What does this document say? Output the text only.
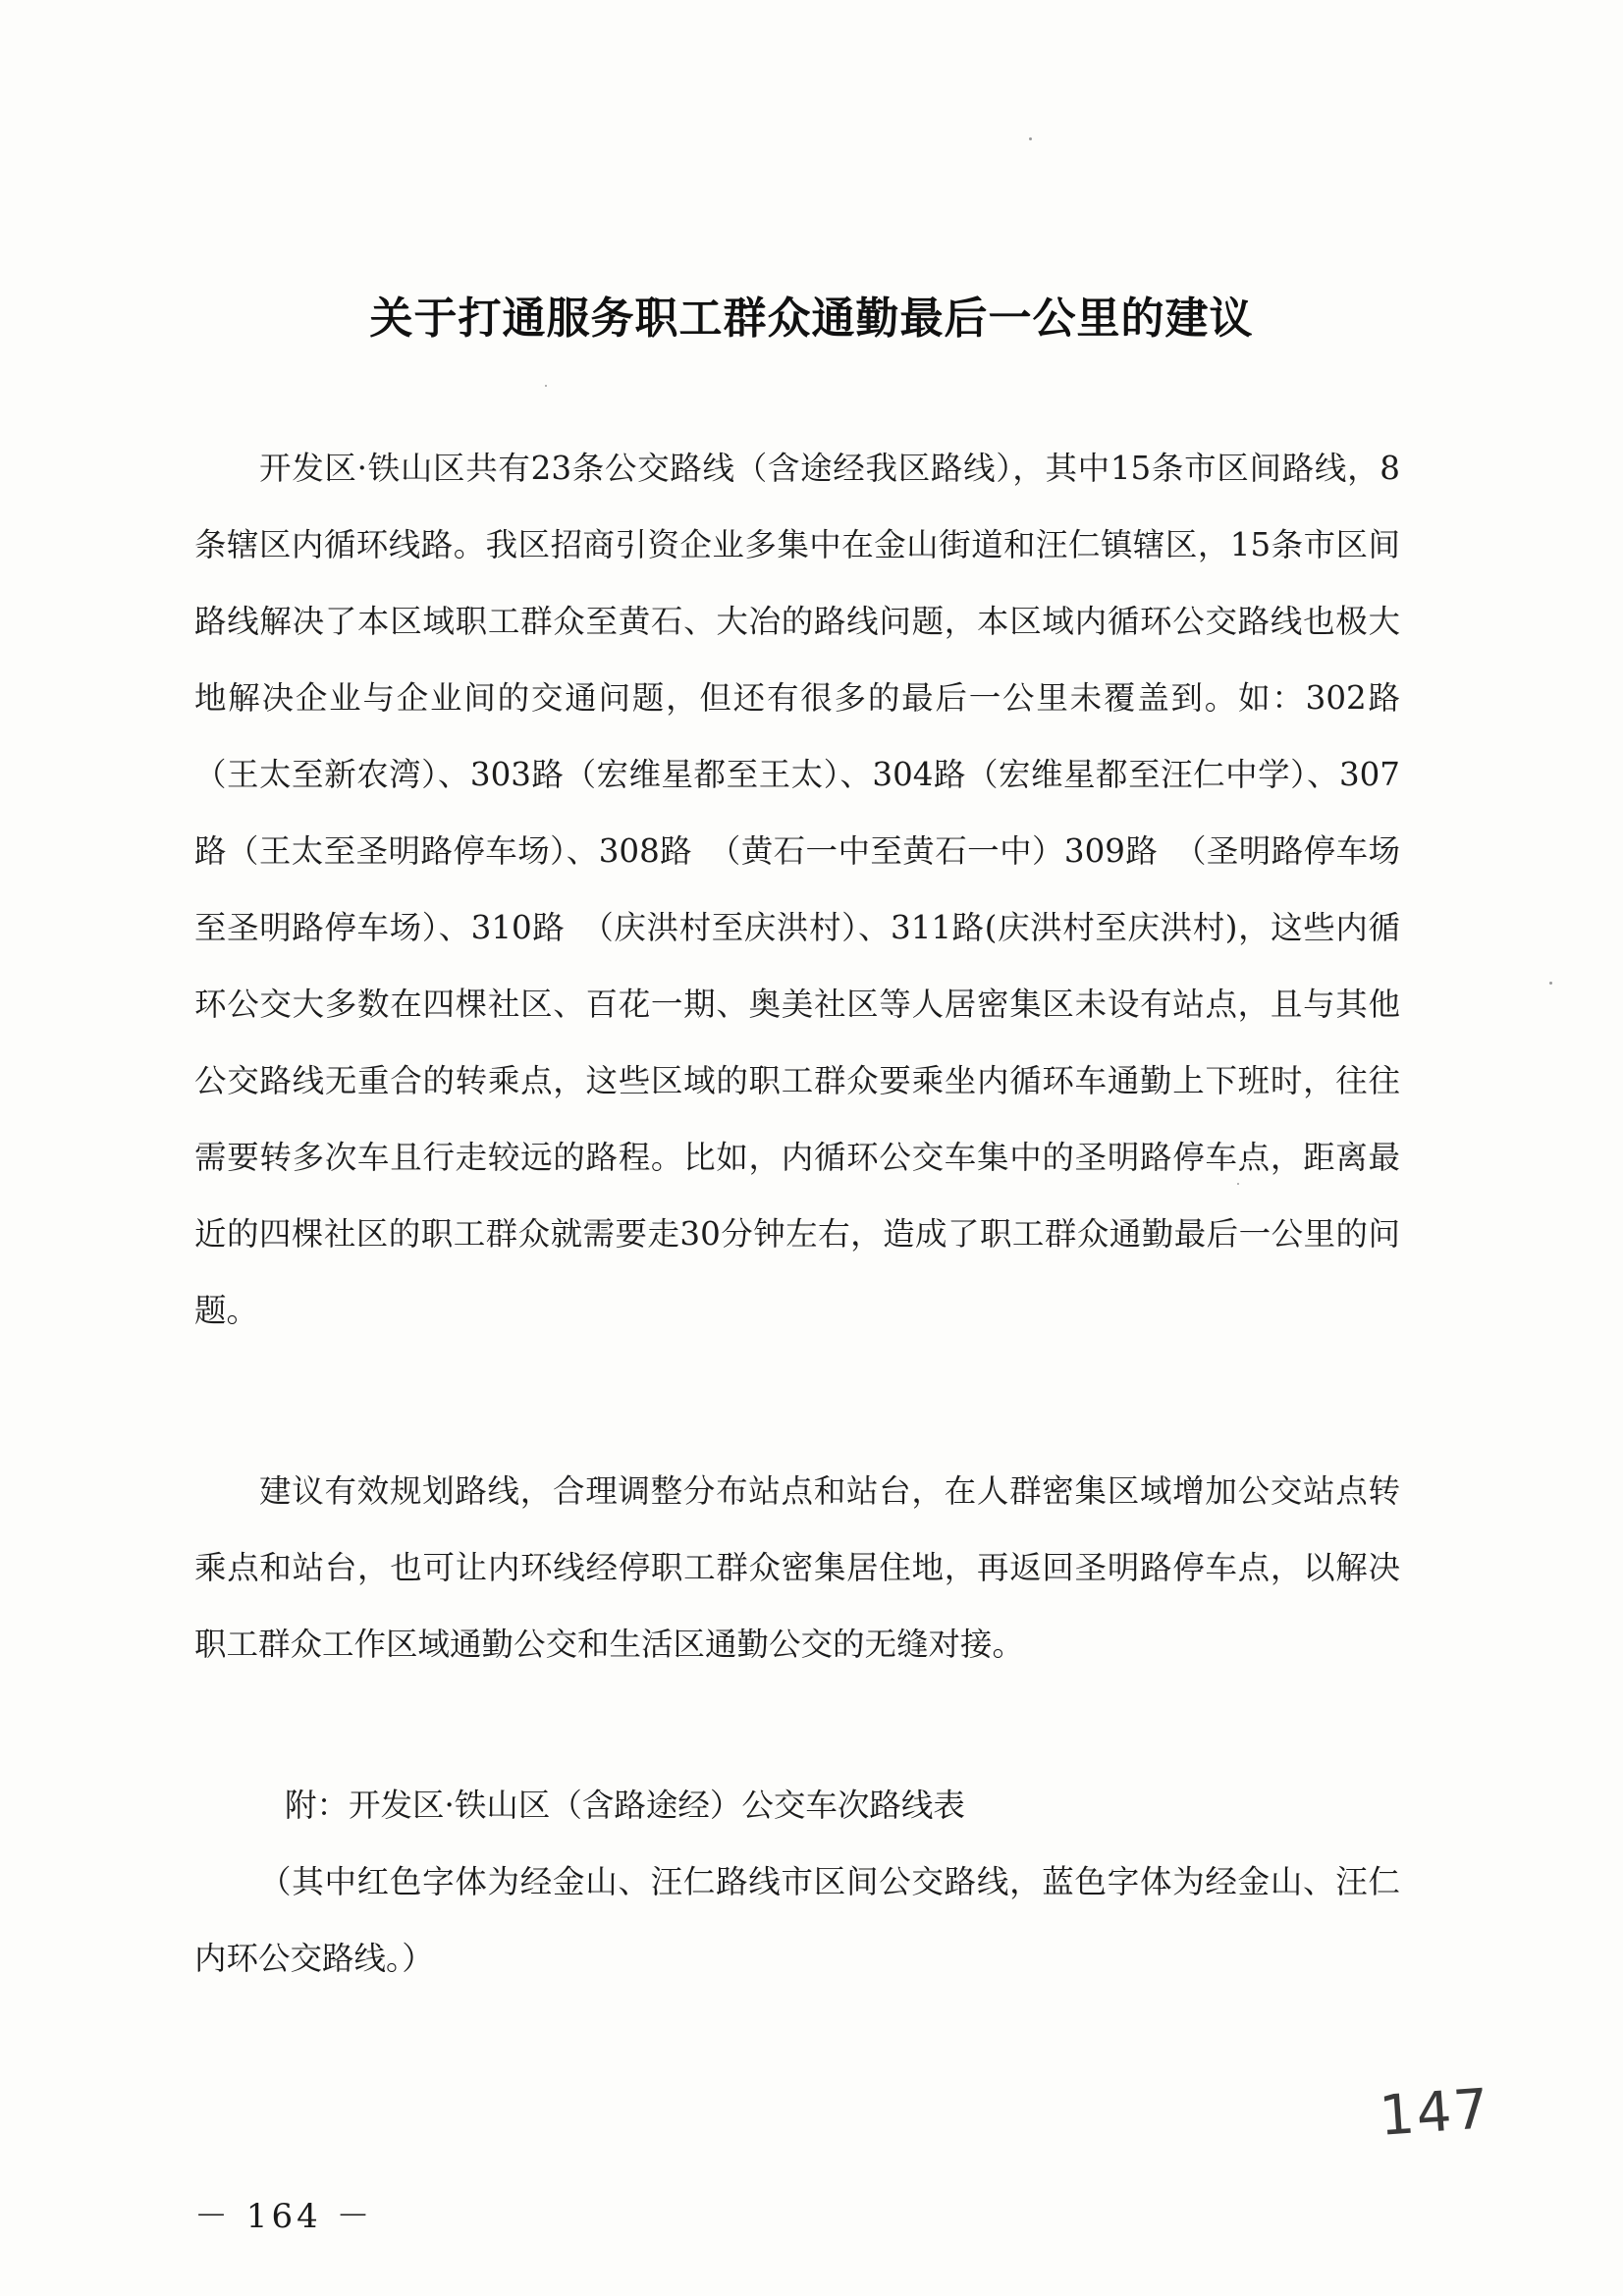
关于打通服务职工群众通勤最后一公里的建议

开发区·铁山区共有23条公交路线（含途经我区路线），其中15条市区间路线，8条辖区内循环线路。我区招商引资企业多集中在金山街道和汪仁镇辖区，15条市区间路线解决了本区域职工群众至黄石、大冶的路线问题，本区域内循环公交路线也极大地解决企业与企业间的交通问题，但还有很多的最后一公里未覆盖到。如：302路（王太至新农湾）、303路（宏维星都至王太）、304路（宏维星都至汪仁中学）、307路（王太至圣明路停车场）、308路　（黄石一中至黄石一中）309路　（圣明路停车场至圣明路停车场）、310路　（庆洪村至庆洪村）、311路(庆洪村至庆洪村)，这些内循环公交大多数在四棵社区、百花一期、奥美社区等人居密集区未设有站点，且与其他公交路线无重合的转乘点，这些区域的职工群众要乘坐内循环车通勤上下班时，往往需要转多次车且行走较远的路程。比如，内循环公交车集中的圣明路停车点，距离最近的四棵社区的职工群众就需要走30分钟左右，造成了职工群众通勤最后一公里的问题。

建议有效规划路线，合理调整分布站点和站台，在人群密集区域增加公交站点转乘点和站台，也可让内环线经停职工群众密集居住地，再返回圣明路停车点，以解决职工群众工作区域通勤公交和生活区通勤公交的无缝对接。

附：开发区·铁山区（含路途经）公交车次路线表

（其中红色字体为经金山、汪仁路线市区间公交路线，蓝色字体为经金山、汪仁内环公交路线。）

147
－ 164 －
